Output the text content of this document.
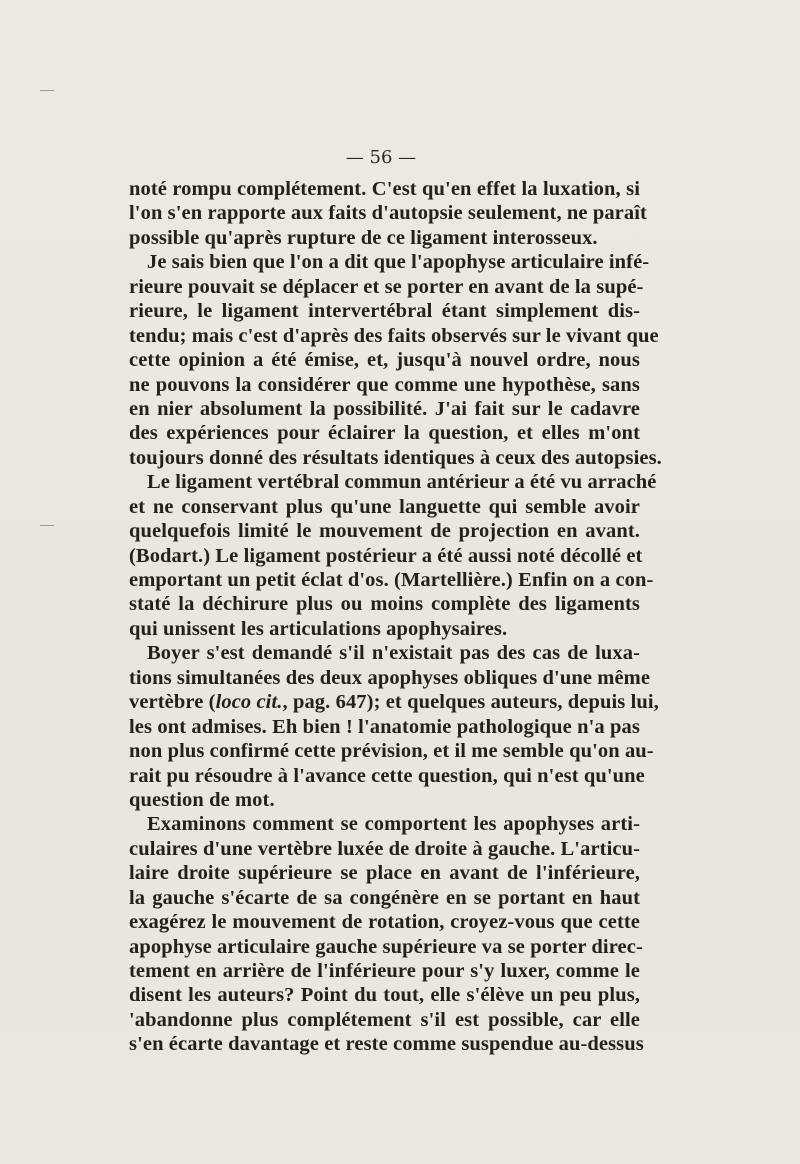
— 56 —
noté rompu complétement. C'est qu'en effet la luxation, si
l'on s'en rapporte aux faits d'autopsie seulement, ne paraît
possible qu'après rupture de ce ligament interosseux.
Je sais bien que l'on a dit que l'apophyse articulaire infé-
rieure pouvait se déplacer et se porter en avant de la supé-
rieure, le ligament intervertébral étant simplement dis-
tendu; mais c'est d'après des faits observés sur le vivant que
cette opinion a été émise, et, jusqu'à nouvel ordre, nous
ne pouvons la considérer que comme une hypothèse, sans
en nier absolument la possibilité. J'ai fait sur le cadavre
des expériences pour éclairer la question, et elles m'ont
toujours donné des résultats identiques à ceux des autopsies.
Le ligament vertébral commun antérieur a été vu arraché
et ne conservant plus qu'une languette qui semble avoir
quelquefois limité le mouvement de projection en avant.
(Bodart.) Le ligament postérieur a été aussi noté décollé et
emportant un petit éclat d'os. (Martellière.) Enfin on a con-
staté la déchirure plus ou moins complète des ligaments
qui unissent les articulations apophysaires.
Boyer s'est demandé s'il n'existait pas des cas de luxa-
tions simultanées des deux apophyses obliques d'une même
vertèbre (loco cit., pag. 647); et quelques auteurs, depuis lui,
les ont admises. Eh bien ! l'anatomie pathologique n'a pas
non plus confirmé cette prévision, et il me semble qu'on au-
rait pu résoudre à l'avance cette question, qui n'est qu'une
question de mot.
Examinons comment se comportent les apophyses arti-
culaires d'une vertèbre luxée de droite à gauche. L'articu-
laire droite supérieure se place en avant de l'inférieure,
la gauche s'écarte de sa congénère en se portant en haut
exagérez le mouvement de rotation, croyez-vous que cette
apophyse articulaire gauche supérieure va se porter direc-
tement en arrière de l'inférieure pour s'y luxer, comme le
disent les auteurs? Point du tout, elle s'élève un peu plus,
'abandonne plus complétement s'il est possible, car elle
s'en écarte davantage et reste comme suspendue au-dessus
